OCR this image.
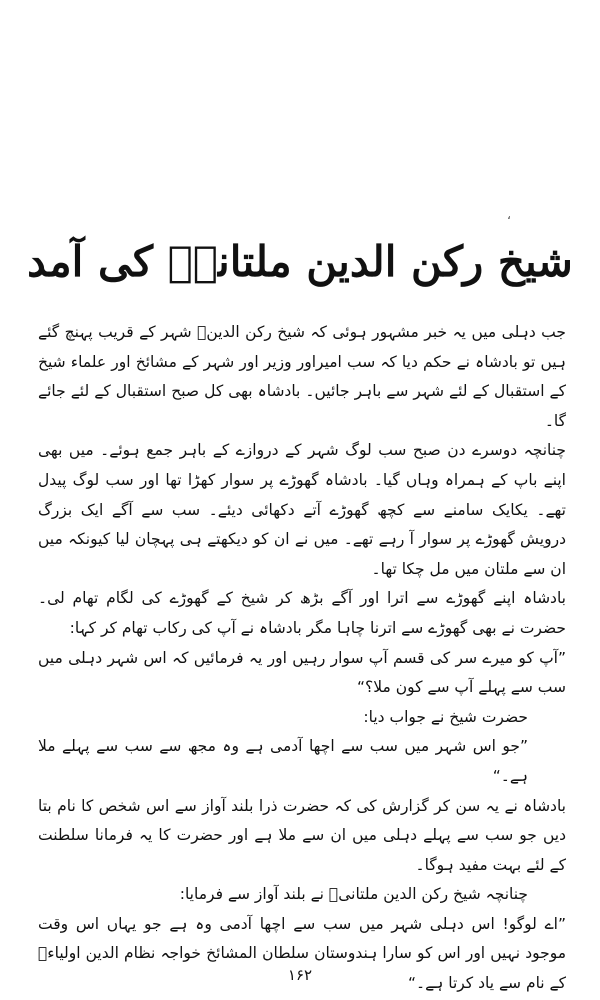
،
شیخ رکن الدین ملتانیؒ کی آمد

جب دہلی میں یہ خبر مشہور ہوئی کہ شیخ رکن الدینؒ شہر کے قریب پہنچ گئے ہیں تو بادشاہ نے حکم دیا کہ سب امیراور وزیر اور شہر کے مشائخ اور علماء شیخ کے استقبال کے لئے شہر سے باہر جائیں۔ بادشاہ بھی کل صبح استقبال کے لئے جائے گا۔

چنانچہ دوسرے دن صبح سب لوگ شہر کے دروازے کے باہر جمع ہوئے۔ میں بھی اپنے باپ کے ہمراہ وہاں گیا۔ بادشاہ گھوڑے پر سوار کھڑا تھا اور سب لوگ پیدل تھے۔ یکایک سامنے سے کچھ گھوڑے آتے دکھائی دیئے۔ سب سے آگے ایک بزرگ درویش گھوڑے پر سوار آ رہے تھے۔ میں نے ان کو دیکھتے ہی پہچان لیا کیونکہ میں ان سے ملتان میں مل چکا تھا۔

بادشاہ اپنے گھوڑے سے اترا اور آگے بڑھ کر شیخ کے گھوڑے کی لگام تھام لی۔ حضرت نے بھی گھوڑے سے اترنا چاہا مگر بادشاہ نے آپ کی رکاب تھام کر کہا:

”آپ کو میرے سر کی قسم آپ سوار رہیں اور یہ فرمائیں کہ اس شہر دہلی میں سب سے پہلے آپ سے کون ملا؟“

حضرت شیخ نے جواب دیا:

”جو اس شہر میں سب سے اچھا آدمی ہے وہ مجھ سے سب سے پہلے ملا ہے۔“

بادشاہ نے یہ سن کر گزارش کی کہ حضرت ذرا بلند آواز سے اس شخص کا نام بتا دیں جو سب سے پہلے دہلی میں ان سے ملا ہے اور حضرت کا یہ فرمانا سلطنت کے لئے بہت مفید ہوگا۔

چنانچہ شیخ رکن الدین ملتانیؒ نے بلند آواز سے فرمایا:

”اے لوگو! اس دہلی شہر میں سب سے اچھا آدمی وہ ہے جو یہاں اس وقت موجود نہیں اور اس کو سارا ہندوستان سلطان المشائخ خواجہ نظام الدین اولیاءؒ کے نام سے یاد کرتا ہے۔“

۱۶۲
